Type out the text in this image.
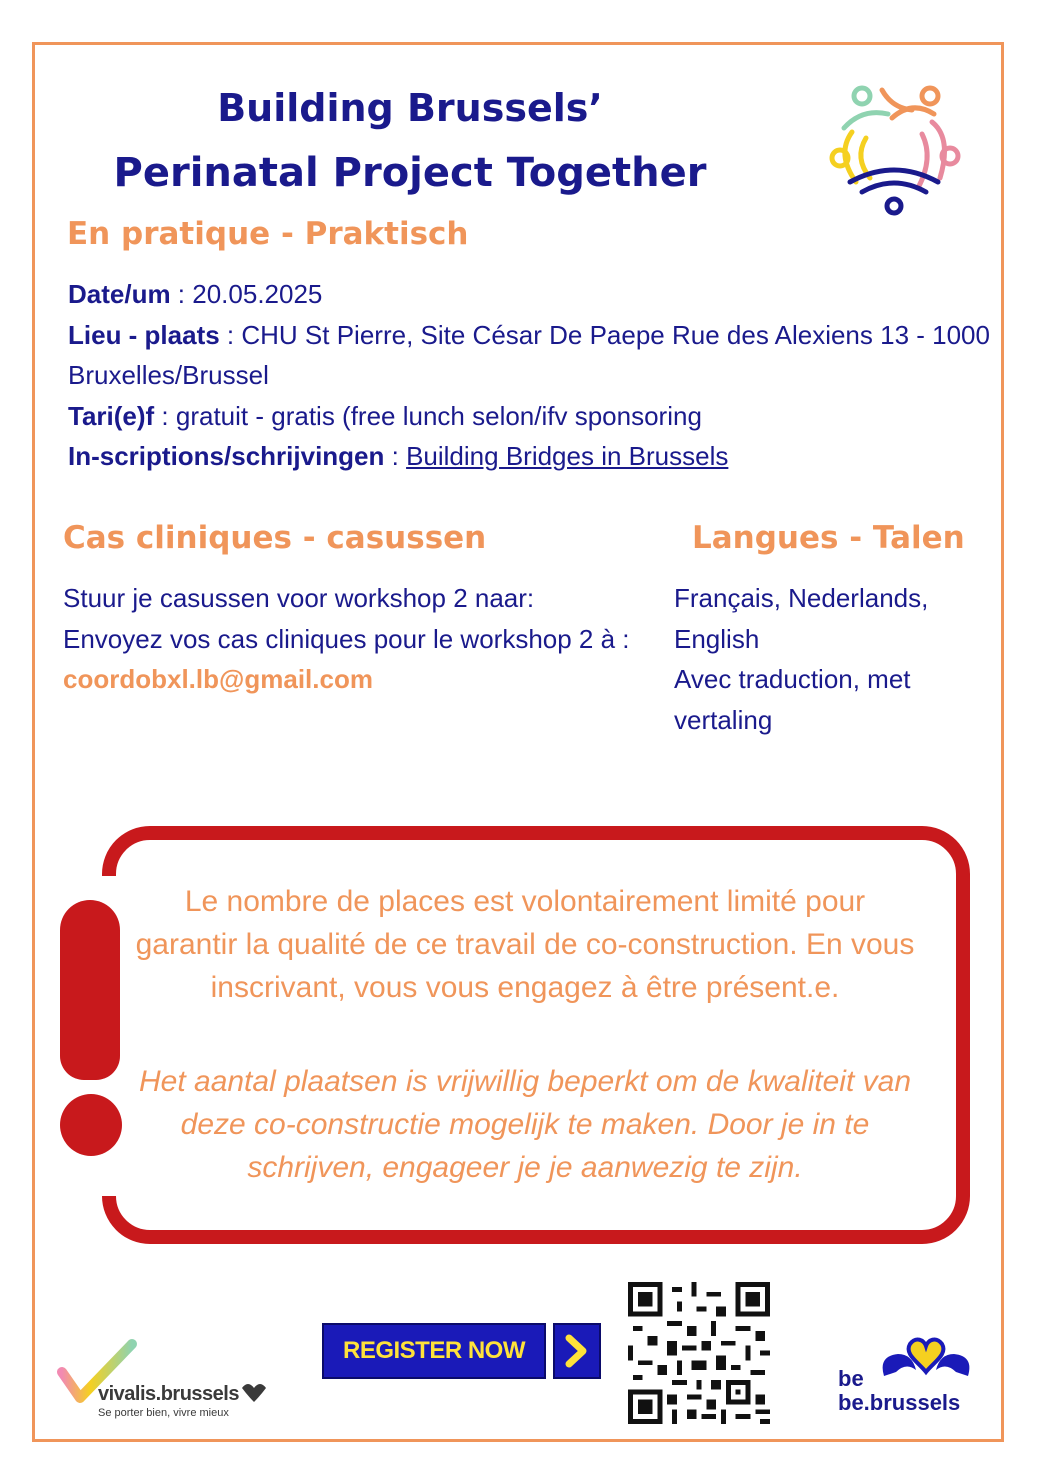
Building Brussels’
Perinatal Project Together
En pratique - Praktisch
Date/um : 20.05.2025
Lieu - plaats : CHU St Pierre, Site César De Paepe Rue des Alexiens 13 - 1000 Bruxelles/Brussel
Tari(e)f : gratuit - gratis (free lunch selon/ifv sponsoring
In-scriptions/schrijvingen : Building Bridges in Brussels
Cas cliniques - casussen	Langues - Talen
Stuur je casussen voor workshop 2 naar:
Envoyez vos cas cliniques pour le workshop 2 à :
coordobxl.lb@gmail.com
Français, Nederlands, English
Avec traduction, met vertaling
Le nombre de places est volontairement limité pour garantir la qualité de ce travail de co-construction. En vous inscrivant, vous vous engagez à être présent.e.
Het aantal plaatsen is vrijwillig beperkt om de kwaliteit van deze co-constructie mogelijk te maken. Door je in te schrijven, engageer je je aanwezig te zijn.
vivalis.brussels
Se porter bien, vivre mieux
REGISTER NOW
be
be.brussels
